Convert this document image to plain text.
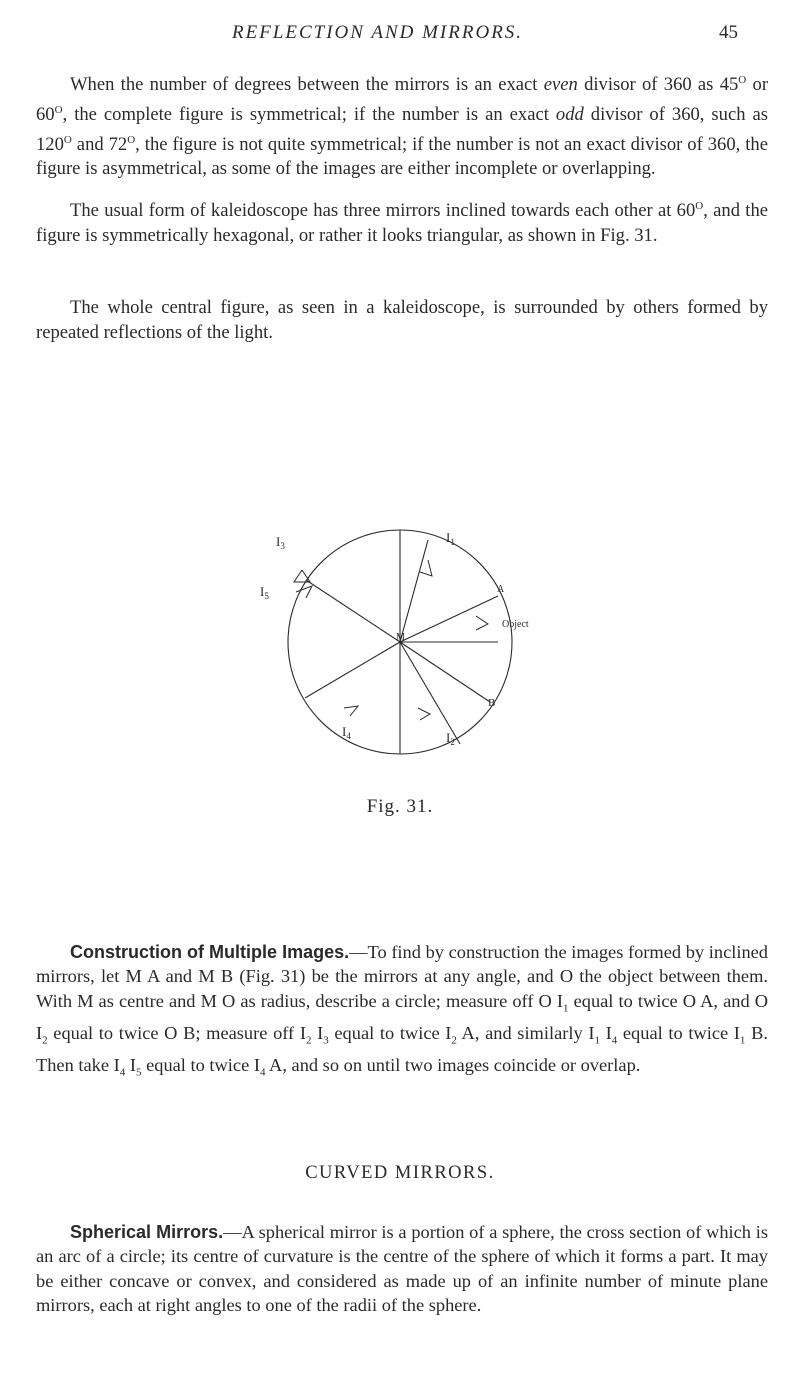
REFLECTION AND MIRRORS.	45

When the number of degrees between the mirrors is an exact even divisor of 360 as $45^O$ or $60^O$, the complete figure is symmetrical; if the number is an exact odd divisor of 360, such as $120^O$ and $72^O$, the figure is not quite symmetrical; if the number is not an exact divisor of 360, the figure is asymmetrical, as some of the images are either incomplete or overlapping.

The usual form of kaleidoscope has three mirrors inclined towards each other at $60^O$, and the figure is symmetrically hexagonal, or rather it looks triangular, as shown in Fig. 31.

The whole central figure, as seen in a kaleidoscope, is surrounded by others formed by repeated reflections of the light.

$I_3$
$I_1$
$I_5$
A
Object
M
B
$I_4$	$I_2$
Fig. 31.

Construction of Multiple Images.—To find by construction the images formed by inclined mirrors, let M A and M B (Fig. 31) be the mirrors at any angle, and O the object between them. With M as centre and M O as radius, describe a circle; measure off O $I_1$ equal to twice O A, and O $I_2$ equal to twice O B; measure off $I_2$ $I_3$ equal to twice $I_2$ A, and similarly $I_1$ $I_4$ equal to twice $I_1$ B. Then take $I_4$ $I_5$ equal to twice $I_4$ A, and so on until two images coincide or overlap.

CURVED MIRRORS.

Spherical Mirrors.—A spherical mirror is a portion of a sphere, the cross section of which is an arc of a circle; its centre of curvature is the centre of the sphere of which it forms a part. It may be either concave or convex, and considered as made up of an infinite number of minute plane mirrors, each at right angles to one of the radii of the sphere.
